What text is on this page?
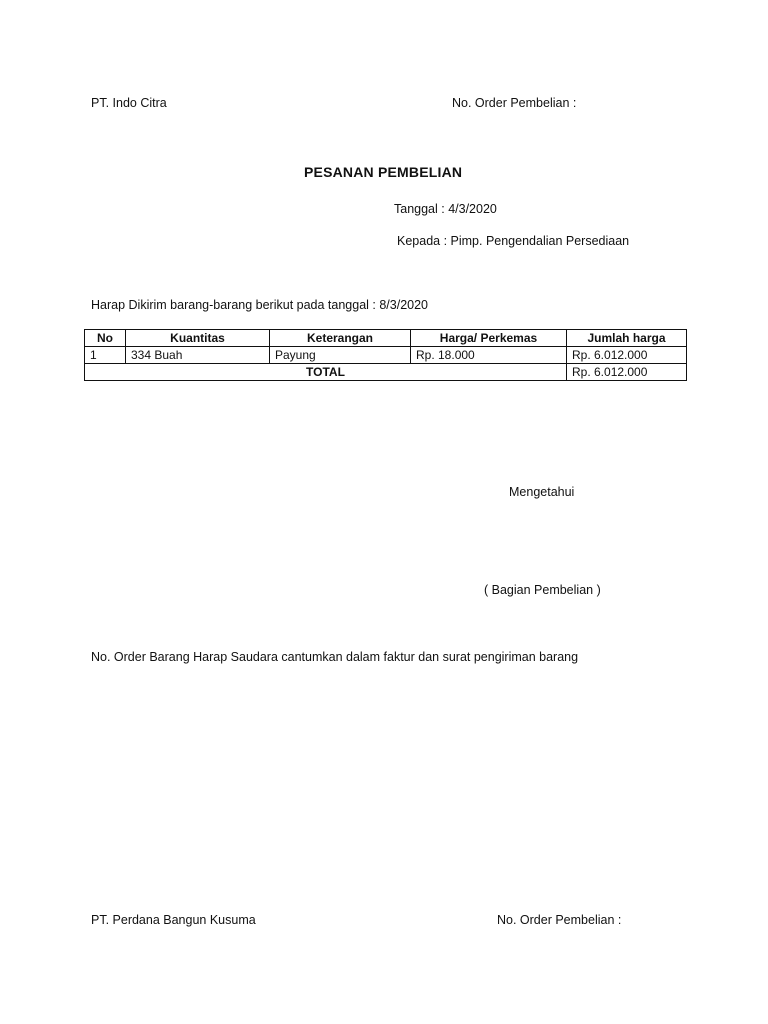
PT. Indo Citra	No. Order Pembelian :
PESANAN PEMBELIAN
Tanggal : 4/3/2020
Kepada : Pimp. Pengendalian Persediaan
Harap Dikirim barang-barang berikut pada tanggal : 8/3/2020
No	Kuantitas	Keterangan	Harga/ Perkemas	Jumlah harga
1	334 Buah	Payung	Rp. 18.000	Rp. 6.012.000
TOTAL				Rp. 6.012.000
Mengetahui
( Bagian Pembelian )
No. Order Barang Harap Saudara cantumkan dalam faktur dan surat pengiriman barang
PT. Perdana Bangun Kusuma	No. Order Pembelian :
